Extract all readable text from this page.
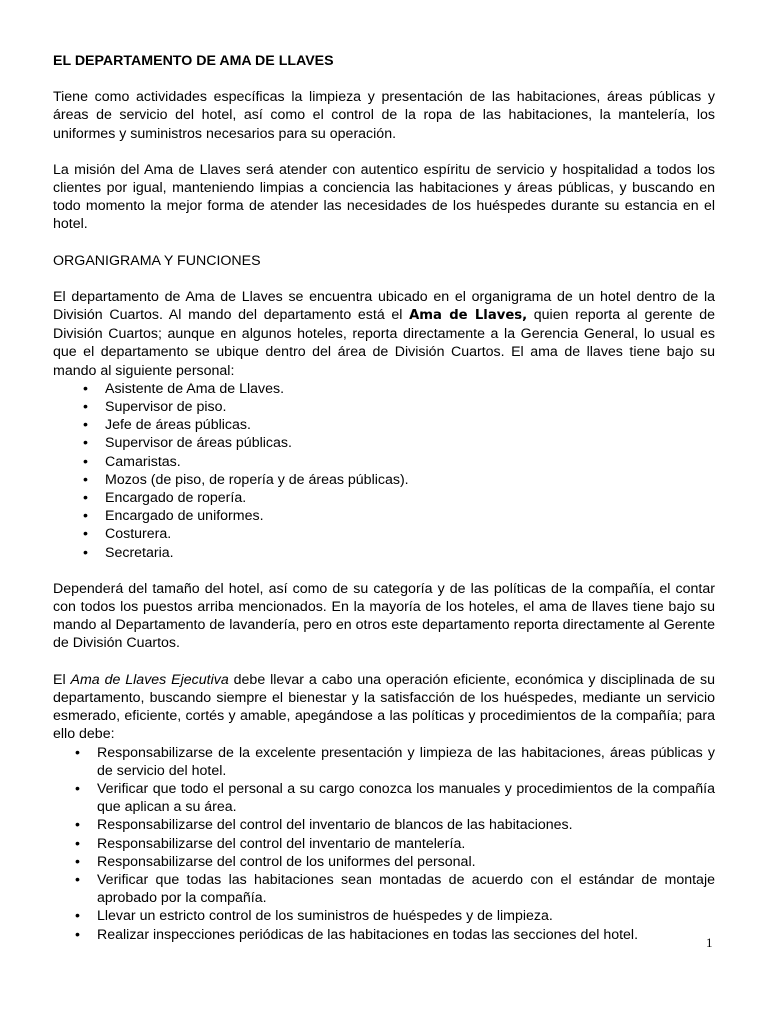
EL DEPARTAMENTO DE AMA DE LLAVES

Tiene como actividades específicas la limpieza y presentación de las habitaciones, áreas públicas y áreas de servicio del hotel, así como el control de la ropa de las habitaciones, la mantelería, los uniformes y suministros necesarios para su operación.

La misión del Ama de Llaves será atender con autentico espíritu de servicio y hospitalidad a todos los clientes por igual, manteniendo limpias a conciencia las habitaciones y áreas públicas, y buscando en todo momento la mejor forma de atender las necesidades de los huéspedes durante su estancia en el hotel.

ORGANIGRAMA Y FUNCIONES

El departamento de Ama de Llaves se encuentra ubicado en el organigrama de un hotel dentro de la División Cuartos. Al mando del departamento está el Ama de Llaves, quien reporta al gerente de División Cuartos; aunque en algunos hoteles, reporta directamente a la Gerencia General, lo usual es que el departamento se ubique dentro del área de División Cuartos. El ama de llaves tiene bajo su mando al siguiente personal:

• Asistente de Ama de Llaves.
• Supervisor de piso.
• Jefe de áreas públicas.
• Supervisor de áreas públicas.
• Camaristas.
• Mozos (de piso, de ropería y de áreas públicas).
• Encargado de ropería.
• Encargado de uniformes.
• Costurera.
• Secretaria.

Dependerá del tamaño del hotel, así como de su categoría y de las políticas de la compañía, el contar con todos los puestos arriba mencionados. En la mayoría de los hoteles, el ama de llaves tiene bajo su mando al Departamento de lavandería, pero en otros este departamento reporta directamente al Gerente de División Cuartos.

El Ama de Llaves Ejecutiva debe llevar a cabo una operación eficiente, económica y disciplinada de su departamento, buscando siempre el bienestar y la satisfacción de los huéspedes, mediante un servicio esmerado, eficiente, cortés y amable, apegándose a las políticas y procedimientos de la compañía; para ello debe:

• Responsabilizarse de la excelente presentación y limpieza de las habitaciones, áreas públicas y de servicio del hotel.
• Verificar que todo el personal a su cargo conozca los manuales y procedimientos de la compañía que aplican a su área.
• Responsabilizarse del control del inventario de blancos de las habitaciones.
• Responsabilizarse del control del inventario de mantelería.
• Responsabilizarse del control de los uniformes del personal.
• Verificar que todas las habitaciones sean montadas de acuerdo con el estándar de montaje aprobado por la compañía.
• Llevar un estricto control de los suministros de huéspedes y de limpieza.
• Realizar inspecciones periódicas de las habitaciones en todas las secciones del hotel.	1
